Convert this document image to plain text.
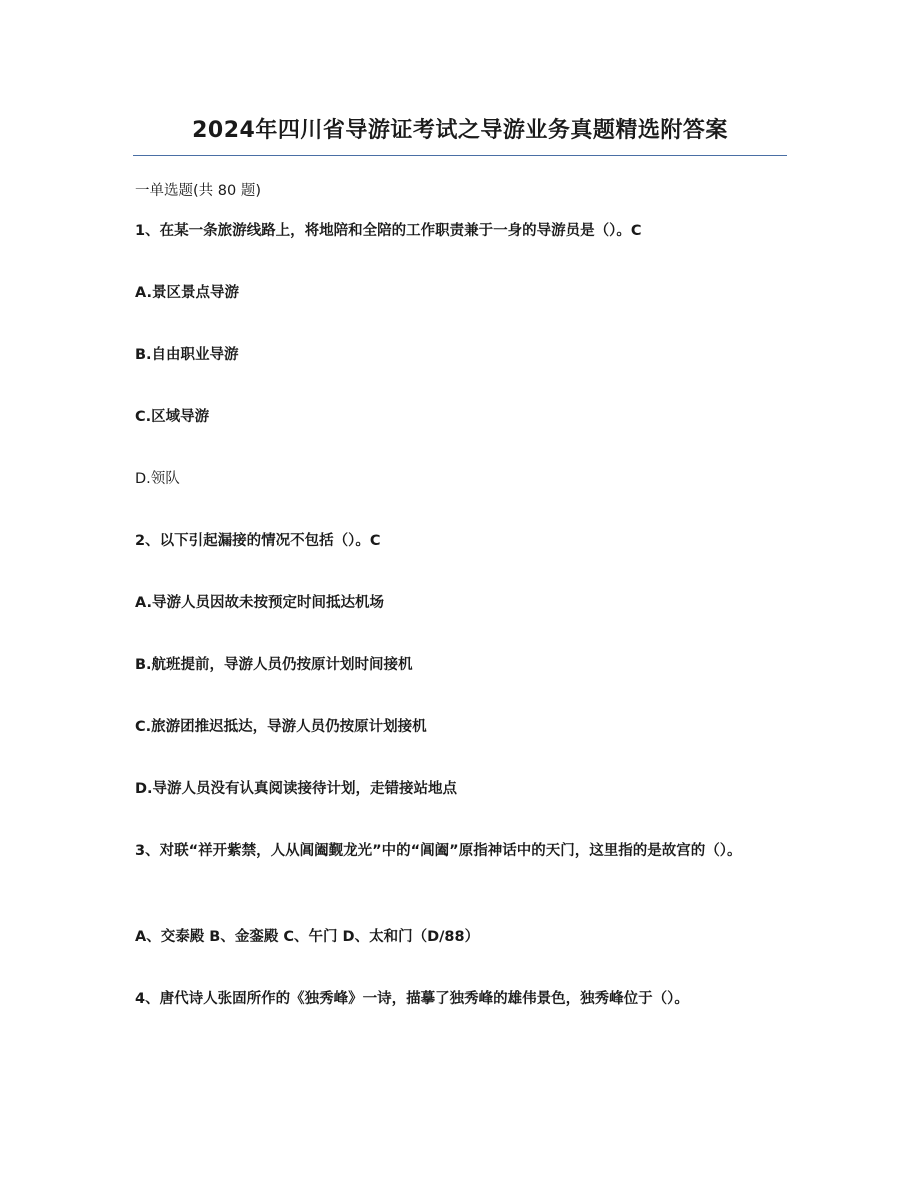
2024年四川省导游证考试之导游业务真题精选附答案
一单选题(共 80 题)
1、在某一条旅游线路上，将地陪和全陪的工作职责兼于一身的导游员是（）。C
A.景区景点导游
B.自由职业导游
C.区域导游
D.领队
2、以下引起漏接的情况不包括（）。C
A.导游人员因故未按预定时间抵达机场
B.航班提前，导游人员仍按原计划时间接机
C.旅游团推迟抵达，导游人员仍按原计划接机
D.导游人员没有认真阅读接待计划，走错接站地点
3、对联“祥开紫禁，人从阊阖觐龙光”中的“阊阖”原指神话中的天门，这里指的是故宫的（）。
A、交泰殿 B、金銮殿 C、午门 D、太和门（D/88）
4、唐代诗人张固所作的《独秀峰》一诗，描摹了独秀峰的雄伟景色，独秀峰位于（）。
